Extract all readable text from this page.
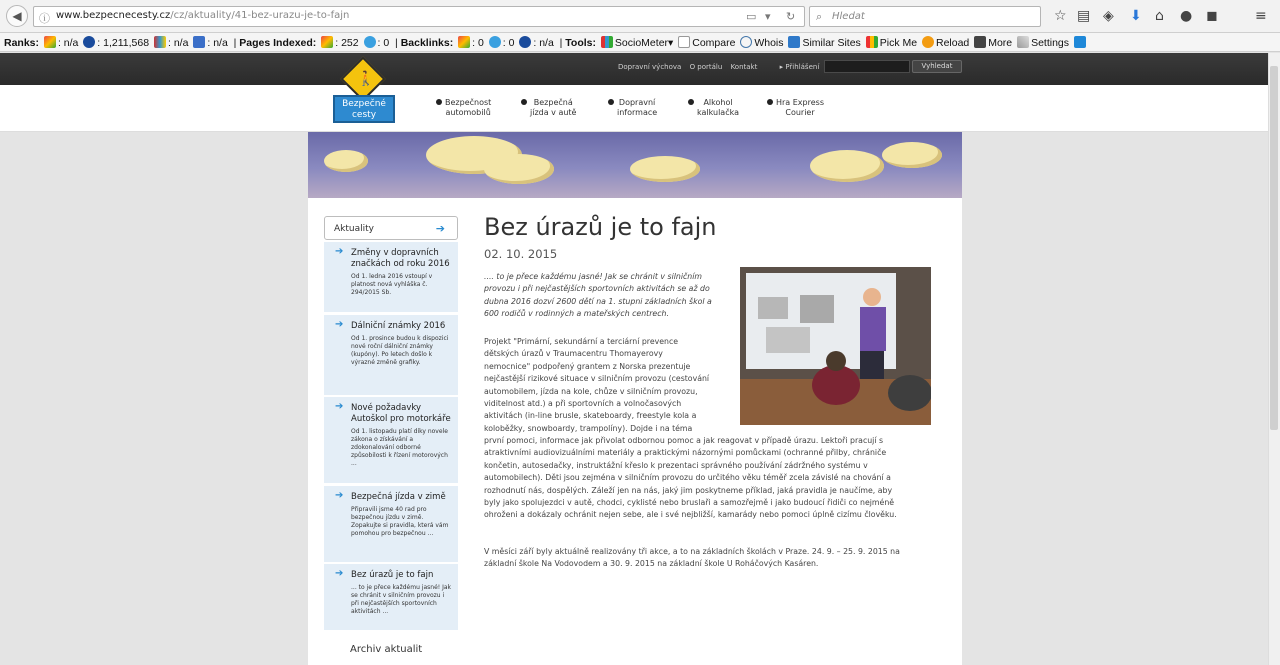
◀	ⓘ www.bezpecnecesty.cz/cz/aktuality/41-bez-urazu-je-to-fajn	▭ ▾ ↻ ⌕ Hledat	☆ ▤ ◈ ⬇ ⌂ ● ◼	≡
Ranks: : n/a : 1,211,568 : n/a : n/a  | Pages Indexed: : 252 : 0  | Backlinks: : 0 : 0 : n/a  | Tools: SocioMeter▾ Compare Whois Similar Sites Pick Me Reload More Settings
Dopravní výchova O portálu Kontakt	▸ Přihlášení	Vyhledat
🚶
Bezpečné
cesty
Bezpečnost
automobilů
Bezpečná
jízda v autě
Dopravní
informace
Alkohol
kalkulačka
Hra Express
Courier
Aktuality	➔
➔ Změny v dopravních značkách od roku 2016
Od 1. ledna 2016 vstoupí v platnost nová vyhláška č. 294/2015 Sb.
➔ Dálniční známky 2016
Od 1. prosince budou k dispozici nové roční dálniční známky (kupóny). Po letech došlo k výrazné změně grafiky.
➔ Nové požadavky Autoškol pro motorkáře
Od 1. listopadu platí díky novele zákona o získávání a zdokonalování odborné způsobilosti k řízení motorových ...
➔ Bezpečná jízda v zimě
Připravili jsme 40 rad pro bezpečnou jízdu v zimě. Zopakujte si pravidla, která vám pomohou pro bezpečnou ...
➔ Bez úrazů je to fajn
... to je přece každému jasné! Jak se chránit v silničním provozu i při nejčastějších sportovních aktivitách ...
Archiv aktualit
Bez úrazů je to fajn
02. 10. 2015
.... to je přece každému jasné! Jak se chránit v silničním
provozu i při nejčastějších sportovních aktivitách se až do
dubna 2016 dozví 2600 dětí na 1. stupni základních škol a
600 rodičů v rodinných a mateřských centrech.
Projekt "Primární, sekundární a terciární prevence
dětských úrazů v Traumacentru Thomayerovy
nemocnice" podpořený grantem z Norska prezentuje
nejčastější rizikové situace v silničním provozu (cestování
automobilem, jízda na kole, chůze v silničním provozu,
viditelnost atd.) a při sportovních a volnočasových
aktivitách (in-line brusle, skateboardy, freestyle kola a
koloběžky, snowboardy, trampolíny). Dojde i na téma
první pomoci, informace jak přivolat odbornou pomoc a jak reagovat v případě úrazu. Lektoři pracují s
atraktivními audiovizuálními materiály a praktickými názornými pomůckami (ochranné přilby, chrániče
končetin, autosedačky, instruktážní křeslo k prezentaci správného používání zádržného systému v
automobilech). Děti jsou zejména v silničním provozu do určitého věku téměř zcela závislé na chování a
rozhodnutí nás, dospělých. Záleží jen na nás, jaký jim poskytneme příklad, jaká pravidla je naučíme, aby
byly jako spolujezdci v autě, chodci, cyklisté nebo bruslaři a samozřejmě i jako budoucí řidiči co nejméně
ohroženi a dokázaly ochránit nejen sebe, ale i své nejbližší, kamarády nebo pomoci úplně cizímu člověku.
V měsíci září byly aktuálně realizovány tři akce, a to na základních školách v Praze. 24. 9. – 25. 9. 2015 na
základní škole Na Vodovodem a 30. 9. 2015 na základní škole U Roháčových Kasáren.
